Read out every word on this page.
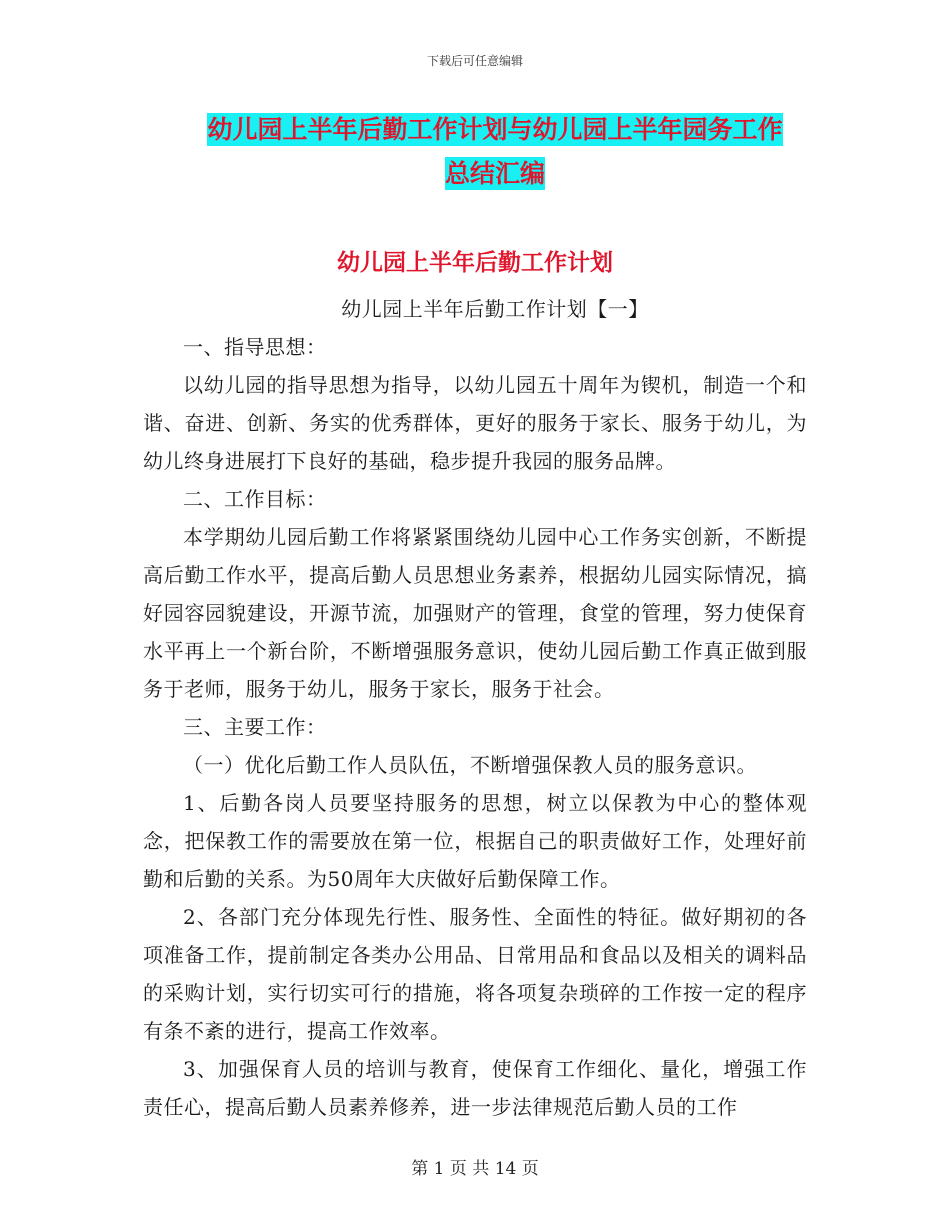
下载后可任意编辑
幼儿园上半年后勤工作计划与幼儿园上半年园务工作
总结汇编
幼儿园上半年后勤工作计划

幼儿园上半年后勤工作计划【一】

一、指导思想：

以幼儿园的指导思想为指导，以幼儿园五十周年为锲机，制造一个和谐、奋进、创新、务实的优秀群体，更好的服务于家长、服务于幼儿，为幼儿终身进展打下良好的基础，稳步提升我园的服务品牌。

二、工作目标：

本学期幼儿园后勤工作将紧紧围绕幼儿园中心工作务实创新，不断提高后勤工作水平，提高后勤人员思想业务素养，根据幼儿园实际情况，搞好园容园貌建设，开源节流，加强财产的管理，食堂的管理，努力使保育水平再上一个新台阶，不断增强服务意识，使幼儿园后勤工作真正做到服务于老师，服务于幼儿，服务于家长，服务于社会。

三、主要工作：

（一）优化后勤工作人员队伍，不断增强保教人员的服务意识。

1、后勤各岗人员要坚持服务的思想，树立以保教为中心的整体观念，把保教工作的需要放在第一位，根据自己的职责做好工作，处理好前勤和后勤的关系。为50周年大庆做好后勤保障工作。

2、各部门充分体现先行性、服务性、全面性的特征。做好期初的各项准备工作，提前制定各类办公用品、日常用品和食品以及相关的调料品的采购计划，实行切实可行的措施，将各项复杂琐碎的工作按一定的程序有条不紊的进行，提高工作效率。

3、加强保育人员的培训与教育，使保育工作细化、量化，增强工作责任心，提高后勤人员素养修养，进一步法律规范后勤人员的工作

第 1 页 共 14 页
